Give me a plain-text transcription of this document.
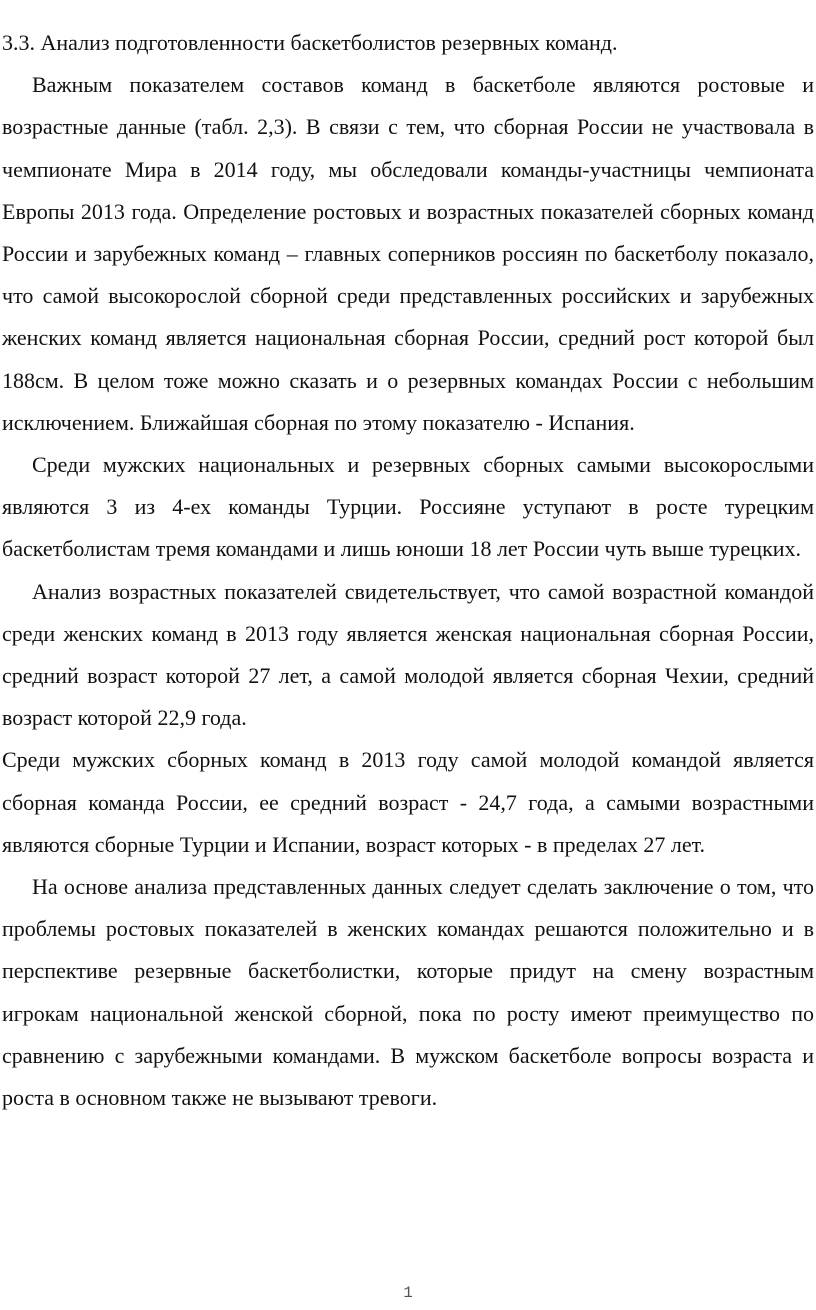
3.3. Анализ подготовленности баскетболистов резервных команд.

Важным показателем составов команд в баскетболе являются ростовые и возрастные данные (табл. 2,3). В связи с тем, что сборная России не участвовала в чемпионате Мира в 2014 году, мы обследовали команды-участницы чемпионата Европы 2013 года. Определение ростовых и возрастных показателей сборных команд России и зарубежных команд – главных соперников россиян по баскетболу показало, что самой высокорослой сборной среди представленных российских и зарубежных женских команд является национальная сборная России, средний рост которой был 188см. В целом тоже можно сказать и о резервных командах России с небольшим исключением. Ближайшая сборная по этому показателю - Испания.

Среди мужских национальных и резервных сборных самыми высокорослыми являются 3 из 4-ех команды Турции. Россияне уступают в росте турецким баскетболистам тремя командами и лишь юноши 18 лет России чуть выше турецких.

Анализ возрастных показателей свидетельствует, что самой возрастной командой среди женских команд в 2013 году является женская национальная сборная России, средний возраст которой 27 лет, а самой молодой является сборная Чехии, средний возраст которой 22,9 года.

Среди мужских сборных команд в 2013 году самой молодой командой является сборная команда России, ее средний возраст - 24,7 года, а самыми возрастными являются сборные Турции и Испании, возраст которых - в пределах 27 лет.

На основе анализа представленных данных следует сделать заключение о том, что проблемы ростовых показателей в женских командах решаются положительно и в перспективе резервные баскетболистки, которые придут на смену возрастным игрокам национальной женской сборной, пока по росту имеют преимущество по сравнению с зарубежными командами. В мужском баскетболе вопросы возраста и роста в основном также не вызывают тревоги.

1
